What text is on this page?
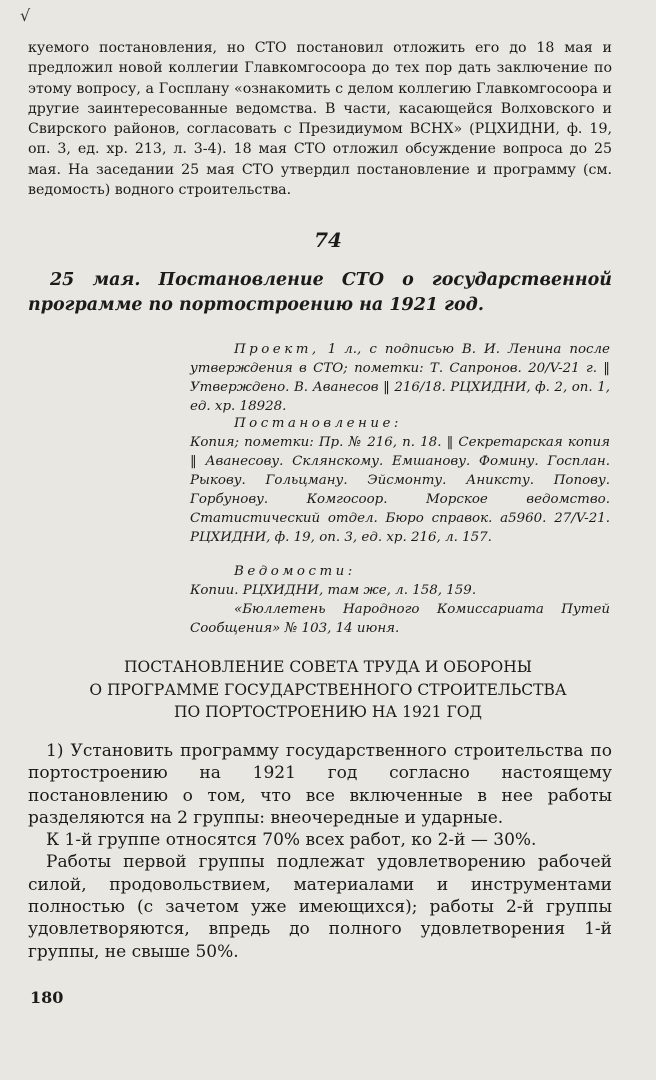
√

куемого постановления, но СТО постановил отложить его до 18 мая и предложил новой коллегии Главкомгосоора до тех пор дать заключение по этому вопросу, а Госплану «ознакомить с делом коллегию Главкомгосоора и другие заинтересованные ведомства. В части, касающейся Волховского и Свирского районов, согласовать с Президиумом ВСНХ» (РЦХИДНИ, ф. 19, оп. 3, ед. хр. 213, л. 3-4). 18 мая СТО отложил обсуждение вопроса до 25 мая. На заседании 25 мая СТО утвердил постановление и программу (см. ведомость) водного строительства.

74

25 мая. Постановление СТО о государственной программе по портостроению на 1921 год.

Проект, 1 л., с подписью В. И. Ленина после утверждения в СТО; пометки: Т. Сапронов. 20/V-21 г. ‖ Утверждено. В. Аванесов ‖ 216/18. РЦХИДНИ, ф. 2, оп. 1, ед. хр. 18928.

Постановление:

Копия; пометки: Пр. № 216, п. 18. ‖ Секретарская копия ‖ Аванесову. Склянскому. Емшанову. Фомину. Госплан. Рыкову. Гольцману. Эйсмонту. Аниксту. Попову. Горбунову. Комгосоор. Морское ведомство. Статистический отдел. Бюро справок. а5960. 27/V-21. РЦХИДНИ, ф. 19, оп. 3, ед. хр. 216, л. 157.

Ведомости:

Копии. РЦХИДНИ, там же, л. 158, 159.

«Бюллетень Народного Комиссариата Путей Сообщения» № 103, 14 июня.

ПОСТАНОВЛЕНИЕ СОВЕТА ТРУДА И ОБОРОНЫ
О ПРОГРАММЕ ГОСУДАРСТВЕННОГО СТРОИТЕЛЬСТВА
ПО ПОРТОСТРОЕНИЮ НА 1921 ГОД

1) Установить программу государственного строительства по портостроению на 1921 год согласно настоящему постановлению о том, что все включенные в нее работы разделяются на 2 группы: внеочередные и ударные.

К 1-й группе относятся 70% всех работ, ко 2-й — 30%.

Работы первой группы подлежат удовлетворению рабочей силой, продовольствием, материалами и инструментами полностью (с зачетом уже имеющихся); работы 2-й группы удовлетворяются, впредь до полного удовлетворения 1-й группы, не свыше 50%.

180
